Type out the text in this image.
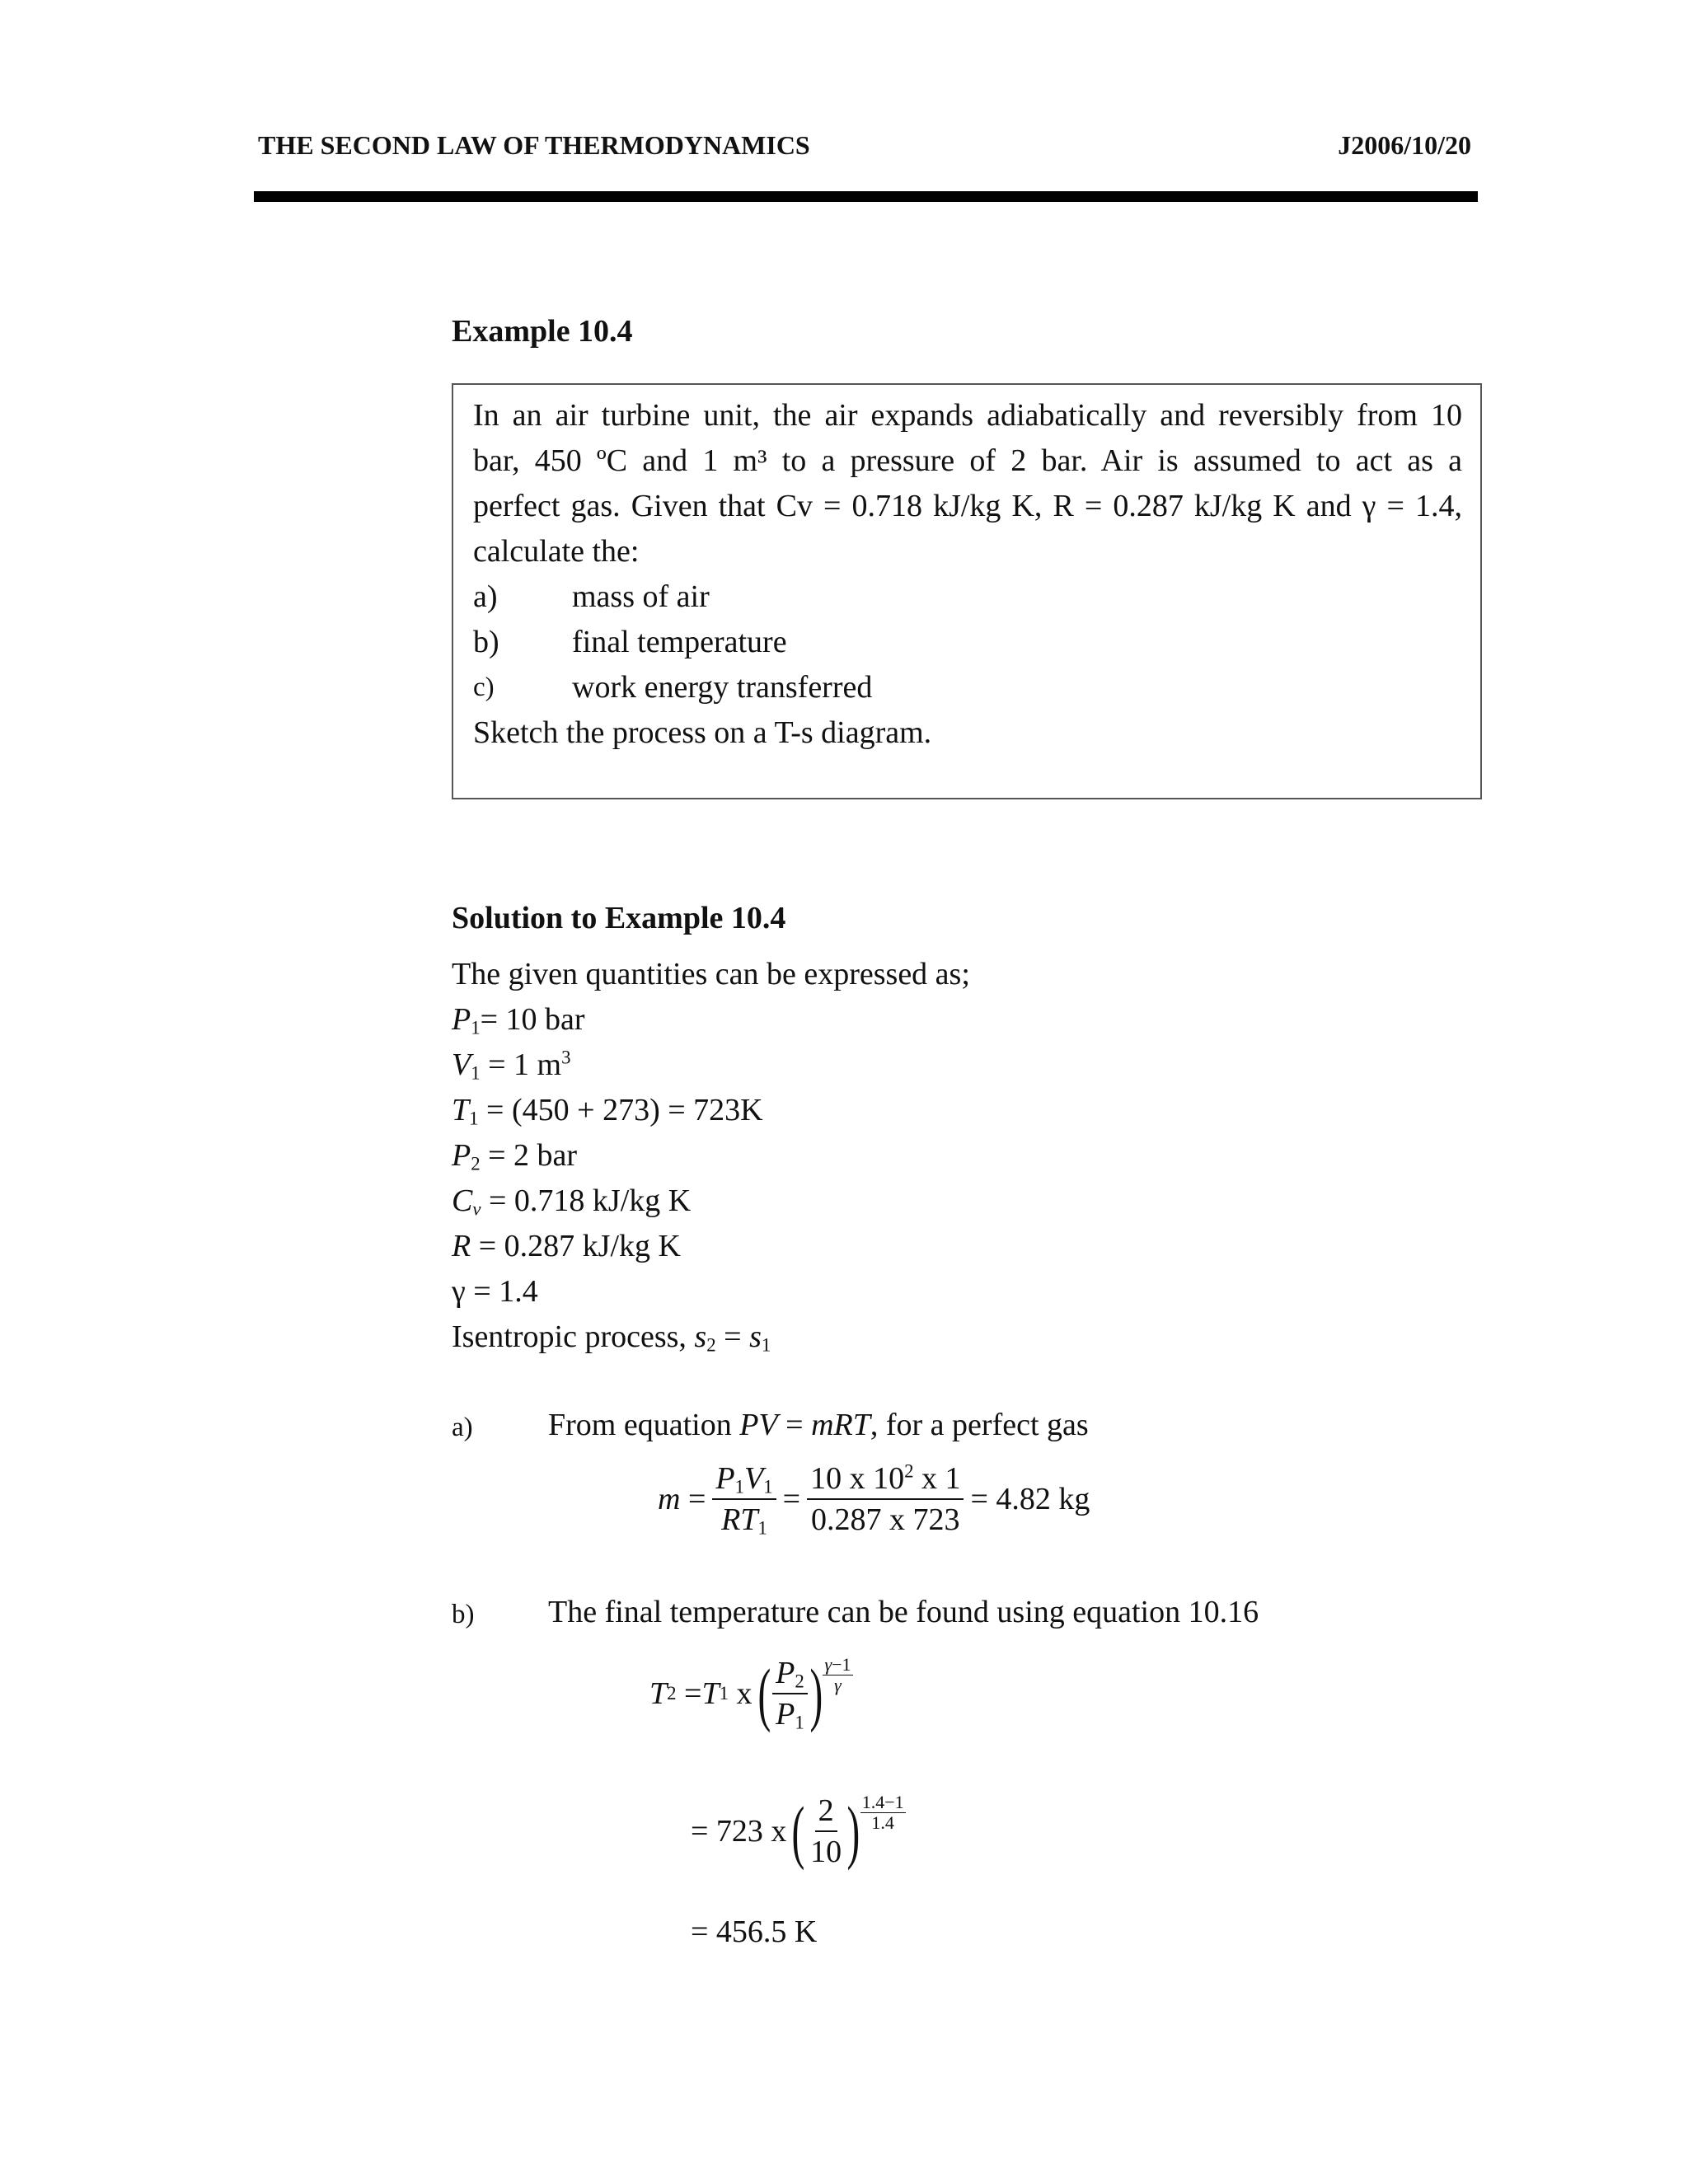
THE SECOND LAW OF THERMODYNAMICS	J2006/10/20
Example 10.4
In an air turbine unit, the air expands adiabatically and reversibly from 10
bar, 450 ºC and 1 m³ to a pressure of 2 bar. Air is assumed to act as a
perfect gas. Given that Cv = 0.718 kJ/kg K, R = 0.287 kJ/kg K and γ = 1.4,
calculate the:
a)	mass of air
b)	final temperature
c)	work energy transferred
Sketch the process on a T-s diagram.
Solution to Example 10.4
The given quantities can be expressed as;
$P_1= 10$ bar
$V_1 = 1$ $m^3$
$T_1 = (450 + 273) = 723K$
$P_2 = 2$ bar
$C_v = 0.718$ kJ/kg K
R = 0.287 kJ/kg K
γ = 1.4
Isentropic process, $s_2 = s_1$
a) From equation PV = mRT, for a perfect gas
$m = \frac{P_1V_1}{RT_1} = \frac{10 x 10^2 x 1}{0.287 x 723} = 4.82$ kg
b) The final temperature can be found using equation 10.16
T 2 = T 1
x ( $\frac{P_2}{P_1}$ ) $\frac{\gamma-1}{\gamma}$
= 723 x ( $\frac{2}{10}$ ) $\frac{1.4-1}{1.4}$
= 456.5 K
